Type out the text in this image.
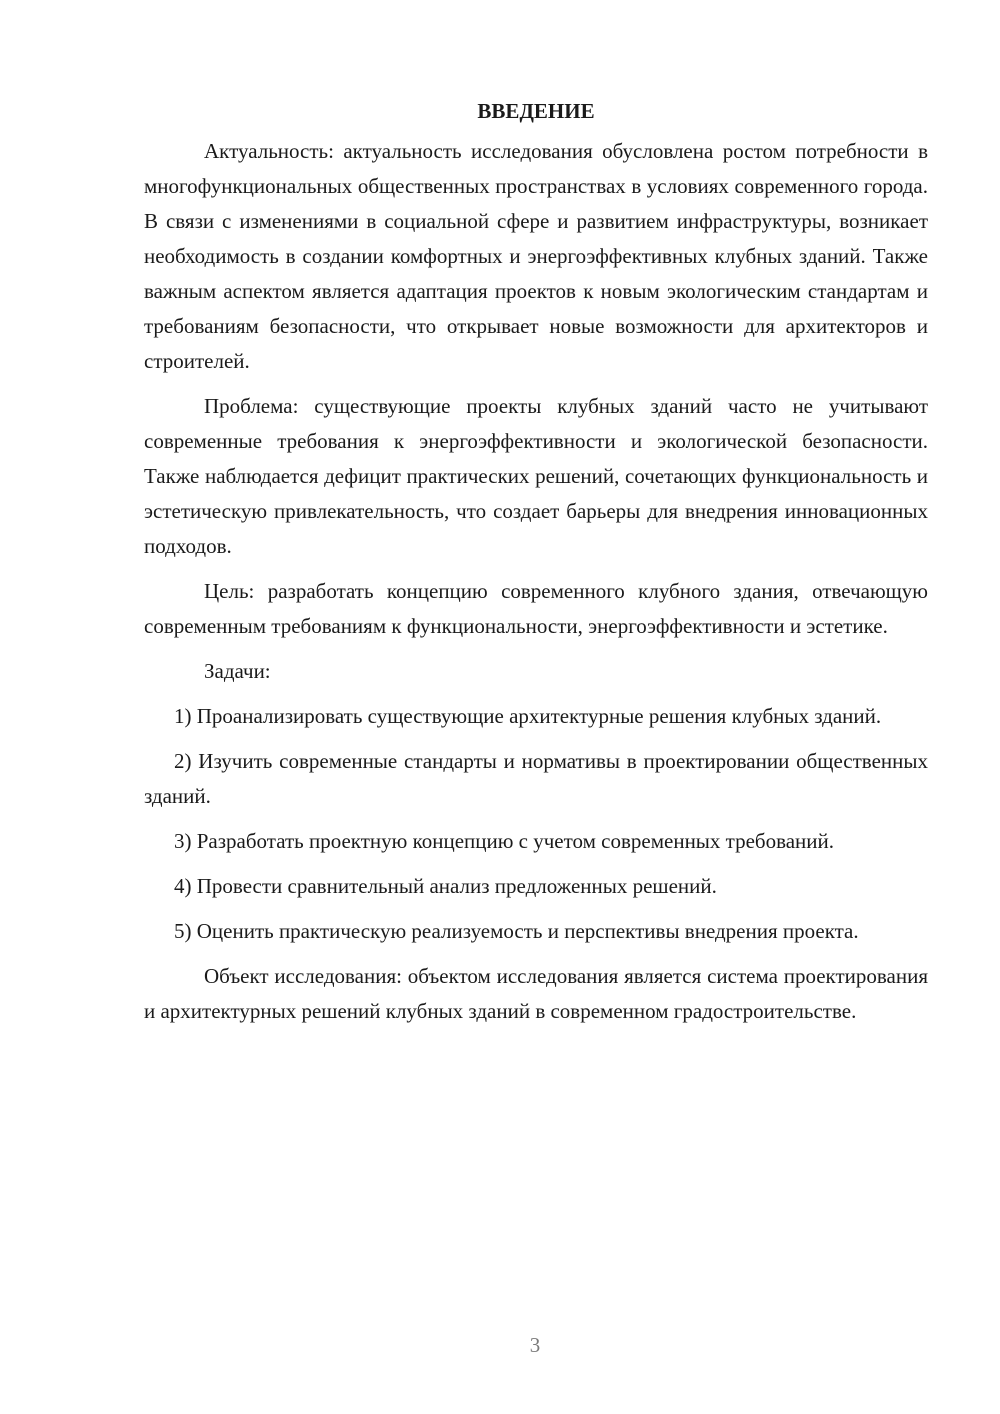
ВВЕДЕНИЕ

Актуальность: актуальность исследования обусловлена ростом потребности в многофункциональных общественных пространствах в условиях современного города. В связи с изменениями в социальной сфере и развитием инфраструктуры, возникает необходимость в создании комфортных и энергоэффективных клубных зданий. Также важным аспектом является адаптация проектов к новым экологическим стандартам и требованиям безопасности, что открывает новые возможности для архитекторов и строителей.

Проблема: существующие проекты клубных зданий часто не учитывают современные требования к энергоэффективности и экологической безопасности. Также наблюдается дефицит практических решений, сочетающих функциональность и эстетическую привлекательность, что создает барьеры для внедрения инновационных подходов.

Цель: разработать концепцию современного клубного здания, отвечающую современным требованиям к функциональности, энергоэффективности и эстетике.

Задачи:

1) Проанализировать существующие архитектурные решения клубных зданий.

2) Изучить современные стандарты и нормативы в проектировании общественных зданий.

3) Разработать проектную концепцию с учетом современных требований.

4) Провести сравнительный анализ предложенных решений.

5) Оценить практическую реализуемость и перспективы внедрения проекта.

Объект исследования: объектом исследования является система проектирования и архитектурных решений клубных зданий в современном градостроительстве.

3
